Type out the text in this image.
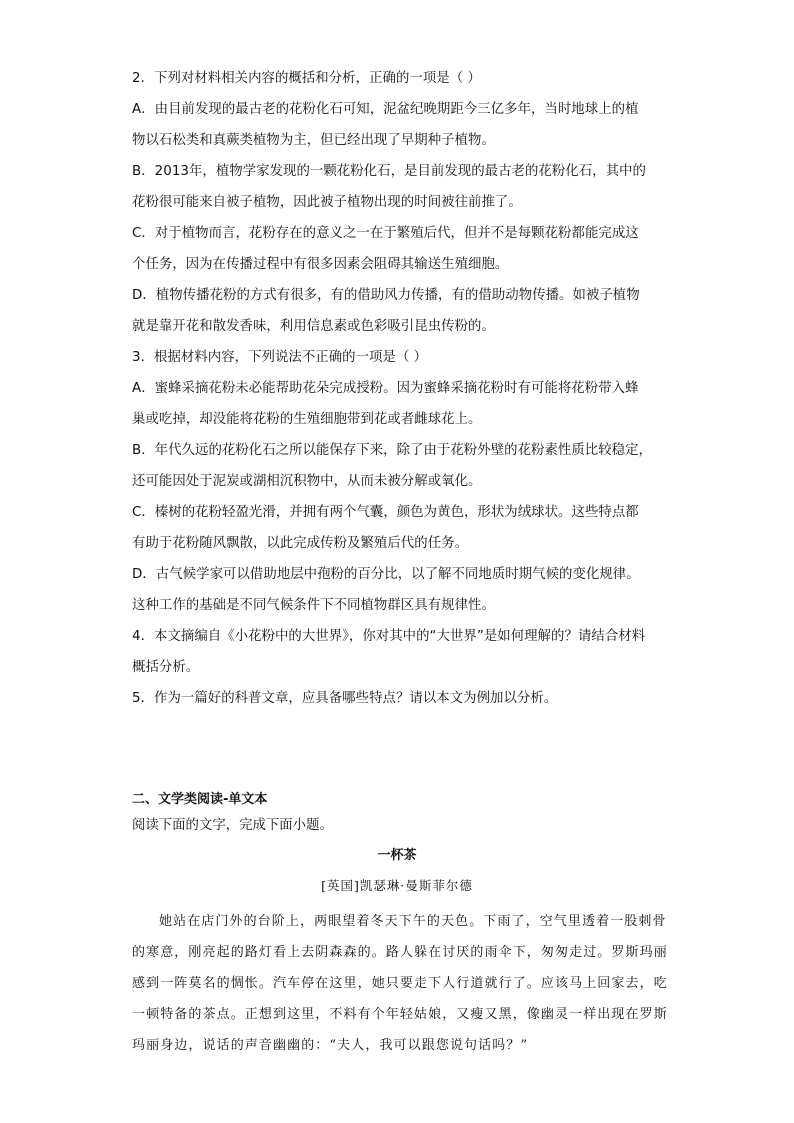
2．下列对材料相关内容的概括和分析，正确的一项是（ ）
A．由目前发现的最古老的花粉化石可知，泥盆纪晚期距今三亿多年，当时地球上的植
物以石松类和真蕨类植物为主，但已经出现了早期种子植物。
B．2013年，植物学家发现的一颗花粉化石，是目前发现的最古老的花粉化石，其中的
花粉很可能来自被子植物，因此被子植物出现的时间被往前推了。
C．对于植物而言，花粉存在的意义之一在于繁殖后代，但并不是每颗花粉都能完成这
个任务，因为在传播过程中有很多因素会阻碍其输送生殖细胞。
D．植物传播花粉的方式有很多，有的借助风力传播，有的借助动物传播。如被子植物
就是靠开花和散发香味，利用信息素或色彩吸引昆虫传粉的。
3．根据材料内容，下列说法不正确的一项是（ ）
A．蜜蜂采摘花粉未必能帮助花朵完成授粉。因为蜜蜂采摘花粉时有可能将花粉带入蜂
巢或吃掉，却没能将花粉的生殖细胞带到花或者雌球花上。
B．年代久远的花粉化石之所以能保存下来，除了由于花粉外壁的花粉素性质比较稳定，
还可能因处于泥炭或湖相沉积物中，从而未被分解或氧化。
C．榛树的花粉轻盈光滑，并拥有两个气囊，颜色为黄色，形状为绒球状。这些特点都
有助于花粉随风飘散，以此完成传粉及繁殖后代的任务。
D．古气候学家可以借助地层中孢粉的百分比，以了解不同地质时期气候的变化规律。
这种工作的基础是不同气候条件下不同植物群区具有规律性。
4．本文摘编自《小花粉中的大世界》，你对其中的“大世界”是如何理解的？请结合材料
概括分析。
5．作为一篇好的科普文章，应具备哪些特点？请以本文为例加以分析。
二、文学类阅读-单文本
阅读下面的文字，完成下面小题。
一杯茶
[英国]凯瑟琳·曼斯菲尔德
她站在店门外的台阶上，两眼望着冬天下午的天色。下雨了，空气里透着一股刺骨
的寒意，刚亮起的路灯看上去阴森森的。路人躲在讨厌的雨伞下，匆匆走过。罗斯玛丽
感到一阵莫名的惆怅。汽车停在这里，她只要走下人行道就行了。应该马上回家去，吃
一顿特备的茶点。正想到这里，不料有个年轻姑娘，又瘦又黑，像幽灵一样出现在罗斯
玛丽身边，说话的声音幽幽的：“夫人，我可以跟您说句话吗？”
